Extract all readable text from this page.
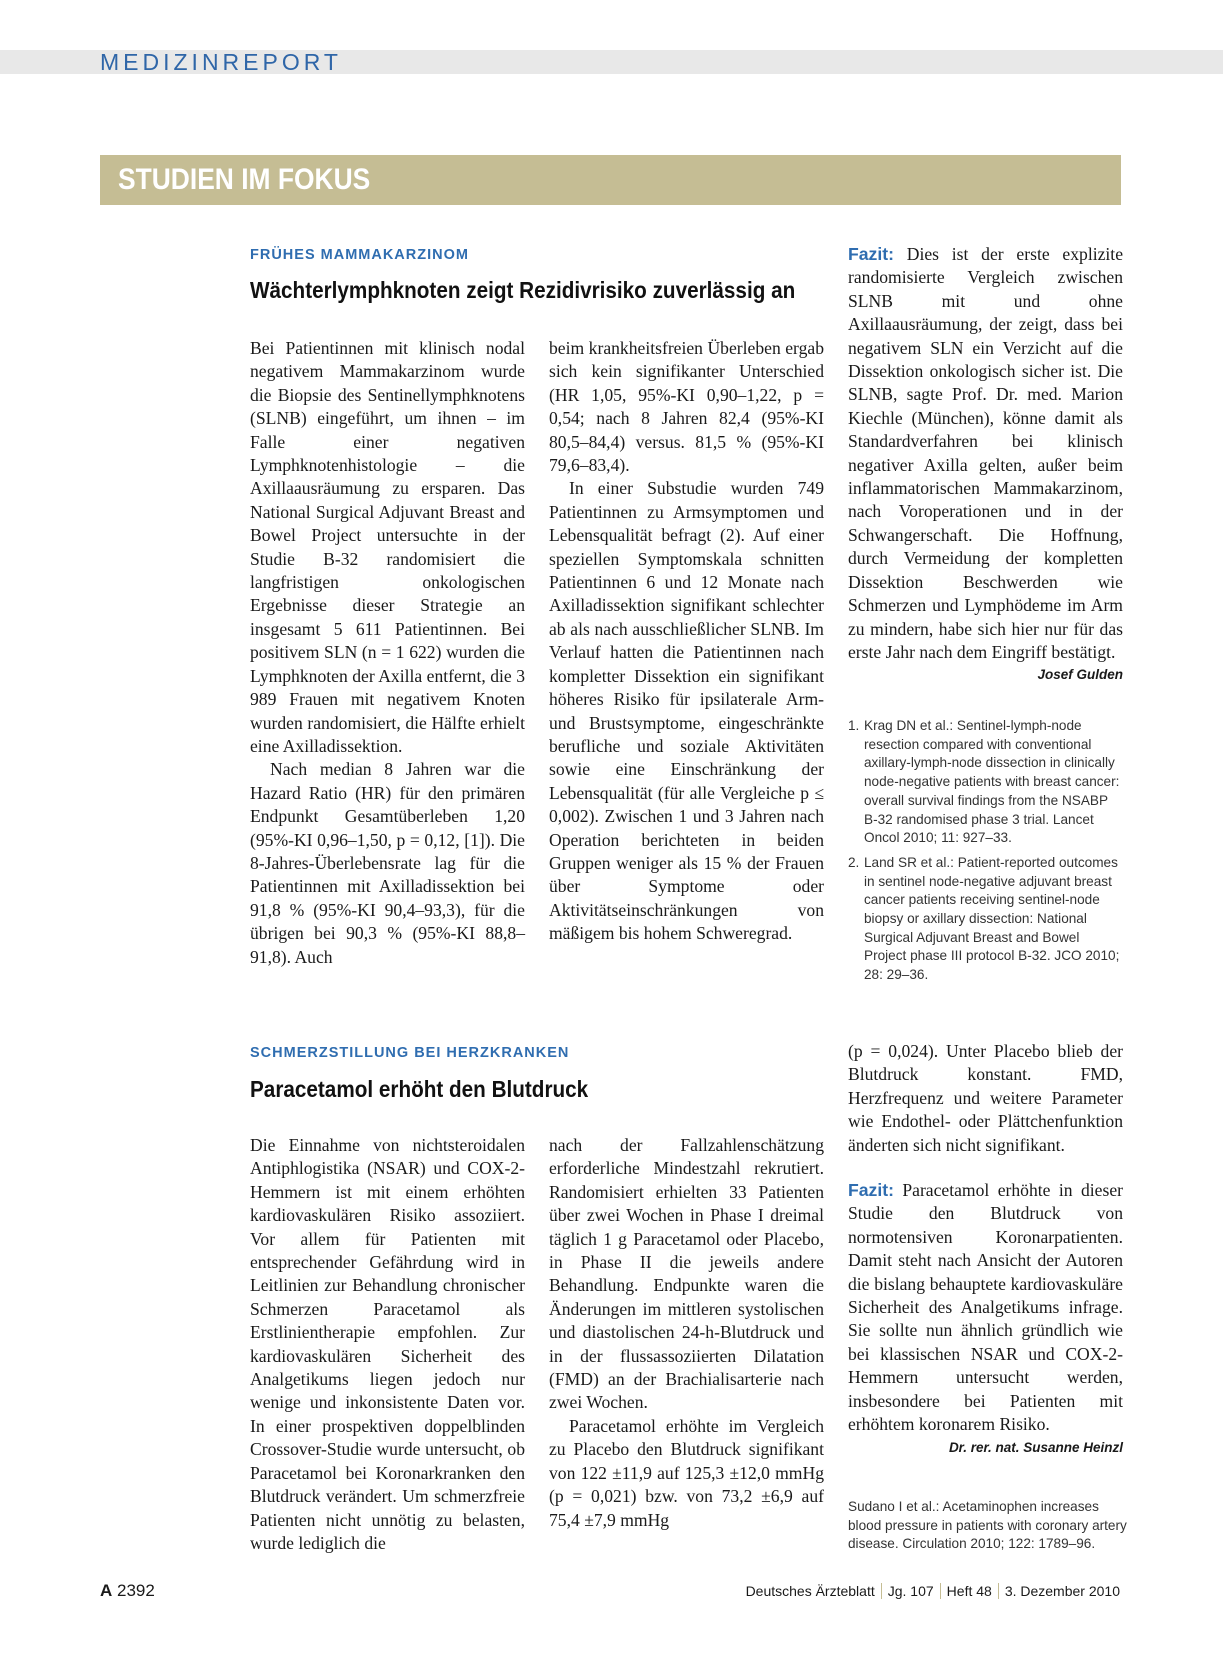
MEDIZINREPORT
STUDIEN IM FOKUS
FRÜHES MAMMAKARZINOM
Wächterlymphknoten zeigt Rezidivrisiko zuverlässig an

Bei Patientinnen mit klinisch nodal negativem Mammakarzinom wurde die Biopsie des Sentinellymphknotens (SLNB) eingeführt, um ihnen – im Falle einer negativen Lymphknotenhistologie – die Axillaausräumung zu ersparen. Das National Surgical Adjuvant Breast and Bowel Project untersuchte in der Studie B-32 randomisiert die langfristigen onkologischen Ergebnisse dieser Strategie an insgesamt 5 611 Patientinnen. Bei positivem SLN (n = 1 622) wurden die Lymphknoten der Axilla entfernt, die 3 989 Frauen mit negativem Knoten wurden randomisiert, die Hälfte erhielt eine Axilladissektion.

Nach median 8 Jahren war die Hazard Ratio (HR) für den primären Endpunkt Gesamtüberleben 1,20 (95%-KI 0,96–1,50, p = 0,12, [1]). Die 8-Jahres-Überlebensrate lag für die Patientinnen mit Axilladissektion bei 91,8 % (95%-KI 90,4–93,3), für die übrigen bei 90,3 % (95%-KI 88,8–91,8). Auch

beim krankheitsfreien Überleben ergab sich kein signifikanter Unterschied (HR 1,05, 95%-KI 0,90–1,22, p = 0,54; nach 8 Jahren 82,4 (95%-KI 80,5–84,4) versus. 81,5 % (95%-KI 79,6–83,4).

In einer Substudie wurden 749 Patientinnen zu Armsymptomen und Lebensqualität befragt (2). Auf einer speziellen Symptomskala schnitten Patientinnen 6 und 12 Monate nach Axilladissektion signifikant schlechter ab als nach ausschließlicher SLNB. Im Verlauf hatten die Patientinnen nach kompletter Dissektion ein signifikant höheres Risiko für ipsilaterale Arm- und Brustsymptome, eingeschränkte berufliche und soziale Aktivitäten sowie eine Einschränkung der Lebensqualität (für alle Vergleiche p ≤ 0,002). Zwischen 1 und 3 Jahren nach Operation berichteten in beiden Gruppen weniger als 15 % der Frauen über Symptome oder Aktivitätseinschränkungen von mäßigem bis hohem Schweregrad.

Fazit: Dies ist der erste explizite randomisierte Vergleich zwischen SLNB mit und ohne Axillaausräumung, der zeigt, dass bei negativem SLN ein Verzicht auf die Dissektion onkologisch sicher ist. Die SLNB, sagte Prof. Dr. med. Marion Kiechle (München), könne damit als Standardverfahren bei klinisch negativer Axilla gelten, außer beim inflammatorischen Mammakarzinom, nach Voroperationen und in der Schwangerschaft. Die Hoffnung, durch Vermeidung der kompletten Dissektion Beschwerden wie Schmerzen und Lymphödeme im Arm zu mindern, habe sich hier nur für das erste Jahr nach dem Eingriff bestätigt.

Josef Gulden
1. Krag DN et al.: Sentinel-lymph-node resection compared with conventional axillary-lymph-node dissection in clinically node-negative patients with breast cancer: overall survival findings from the NSABP B-32 randomised phase 3 trial. Lancet Oncol 2010; 11: 927–33.
2. Land SR et al.: Patient-reported outcomes in sentinel node-negative adjuvant breast cancer patients receiving sentinel-node biopsy or axillary dissection: National Surgical Adjuvant Breast and Bowel Project phase III protocol B-32. JCO 2010; 28: 29–36.
SCHMERZSTILLUNG BEI HERZKRANKEN
Paracetamol erhöht den Blutdruck

Die Einnahme von nichtsteroidalen Antiphlogistika (NSAR) und COX-2-Hemmern ist mit einem erhöhten kardiovaskulären Risiko assoziiert. Vor allem für Patienten mit entsprechender Gefährdung wird in Leitlinien zur Behandlung chronischer Schmerzen Paracetamol als Erstlinientherapie empfohlen. Zur kardiovaskulären Sicherheit des Analgetikums liegen jedoch nur wenige und inkonsistente Daten vor. In einer prospektiven doppelblinden Crossover-Studie wurde untersucht, ob Paracetamol bei Koronarkranken den Blutdruck verändert. Um schmerzfreie Patienten nicht unnötig zu belasten, wurde lediglich die

nach der Fallzahlenschätzung erforderliche Mindestzahl rekrutiert. Randomisiert erhielten 33 Patienten über zwei Wochen in Phase I dreimal täglich 1 g Paracetamol oder Placebo, in Phase II die jeweils andere Behandlung. Endpunkte waren die Änderungen im mittleren systolischen und diastolischen 24-h-Blutdruck und in der flussassoziierten Dilatation (FMD) an der Brachialisarterie nach zwei Wochen.

Paracetamol erhöhte im Vergleich zu Placebo den Blutdruck signifikant von 122 ±11,9 auf 125,3 ±12,0 mmHg (p = 0,021) bzw. von 73,2 ±6,9 auf 75,4 ±7,9 mmHg

(p = 0,024). Unter Placebo blieb der Blutdruck konstant. FMD, Herzfrequenz und weitere Parameter wie Endothel- oder Plättchenfunktion änderten sich nicht signifikant.

Fazit: Paracetamol erhöhte in dieser Studie den Blutdruck von normotensiven Koronarpatienten. Damit steht nach Ansicht der Autoren die bislang behauptete kardiovaskuläre Sicherheit des Analgetikums infrage. Sie sollte nun ähnlich gründlich wie bei klassischen NSAR und COX-2-Hemmern untersucht werden, insbesondere bei Patienten mit erhöhtem koronarem Risiko.

Dr. rer. nat. Susanne Heinzl
Sudano I et al.: Acetaminophen increases blood pressure in patients with coronary artery disease. Circulation 2010; 122: 1789–96.
A 2392	Deutsches Ärzteblatt Jg. 107 Heft 48 3. Dezember 2010
